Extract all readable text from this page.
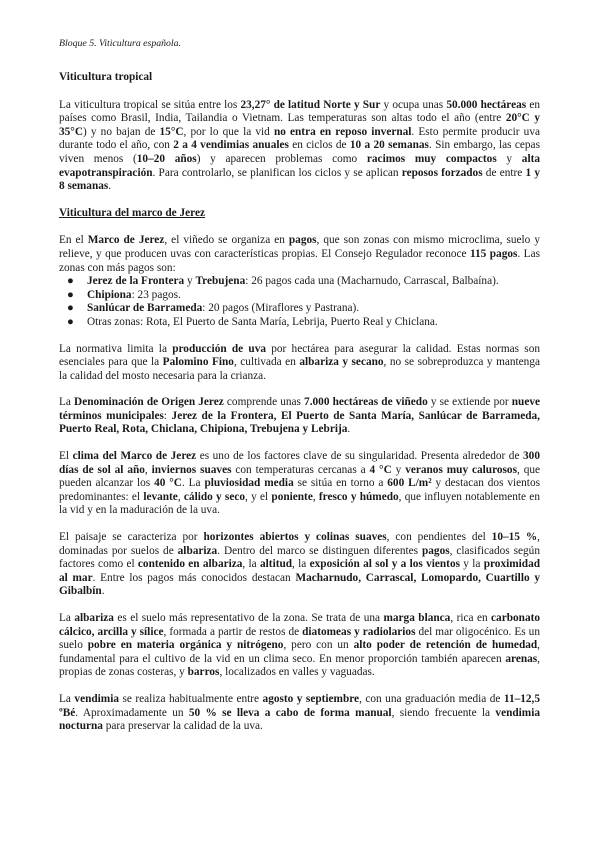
Bloque 5. Viticultura española.
Viticultura tropical

La viticultura tropical se sitúa entre los 23,27° de latitud Norte y Sur y ocupa unas 50.000 hectáreas en países como Brasil, India, Tailandia o Vietnam. Las temperaturas son altas todo el año (entre 20°C y 35°C) y no bajan de 15°C, por lo que la vid no entra en reposo invernal. Esto permite producir uva durante todo el año, con 2 a 4 vendimias anuales en ciclos de 10 a 20 semanas. Sin embargo, las cepas viven menos (10–20 años) y aparecen problemas como racimos muy compactos y alta evapotranspiración. Para controlarlo, se planifican los ciclos y se aplican reposos forzados de entre 1 y 8 semanas.

Viticultura del marco de Jerez

En el Marco de Jerez, el viñedo se organiza en pagos, que son zonas con mismo microclima, suelo y relieve, y que producen uvas con características propias. El Consejo Regulador reconoce 115 pagos. Las zonas con más pagos son:

● Jerez de la Frontera y Trebujena: 26 pagos cada una (Macharnudo, Carrascal, Balbaína).
● Chipiona: 23 pagos.
● Sanlúcar de Barrameda: 20 pagos (Miraflores y Pastrana).
● Otras zonas: Rota, El Puerto de Santa María, Lebrija, Puerto Real y Chiclana.

La normativa limita la producción de uva por hectárea para asegurar la calidad. Estas normas son esenciales para que la Palomino Fino, cultivada en albariza y secano, no se sobreproduzca y mantenga la calidad del mosto necesaria para la crianza.

La Denominación de Origen Jerez comprende unas 7.000 hectáreas de viñedo y se extiende por nueve términos municipales: Jerez de la Frontera, El Puerto de Santa María, Sanlúcar de Barrameda, Puerto Real, Rota, Chiclana, Chipiona, Trebujena y Lebrija.

El clima del Marco de Jerez es uno de los factores clave de su singularidad. Presenta alrededor de 300 días de sol al año, inviernos suaves con temperaturas cercanas a 4 °C y veranos muy calurosos, que pueden alcanzar los 40 °C. La pluviosidad media se sitúa en torno a 600 L/m² y destacan dos vientos predominantes: el levante, cálido y seco, y el poniente, fresco y húmedo, que influyen notablemente en la vid y en la maduración de la uva.

El paisaje se caracteriza por horizontes abiertos y colinas suaves, con pendientes del 10–15 %, dominadas por suelos de albariza. Dentro del marco se distinguen diferentes pagos, clasificados según factores como el contenido en albariza, la altitud, la exposición al sol y a los vientos y la proximidad al mar. Entre los pagos más conocidos destacan Macharnudo, Carrascal, Lomopardo, Cuartillo y Gibalbín.

La albariza es el suelo más representativo de la zona. Se trata de una marga blanca, rica en carbonato cálcico, arcilla y sílice, formada a partir de restos de diatomeas y radiolarios del mar oligocénico. Es un suelo pobre en materia orgánica y nitrógeno, pero con un alto poder de retención de humedad, fundamental para el cultivo de la vid en un clima seco. En menor proporción también aparecen arenas, propias de zonas costeras, y barros, localizados en valles y vaguadas.

La vendimia se realiza habitualmente entre agosto y septiembre, con una graduación media de 11–12,5 ºBé. Aproximadamente un 50 % se lleva a cabo de forma manual, siendo frecuente la vendimia nocturna para preservar la calidad de la uva.
